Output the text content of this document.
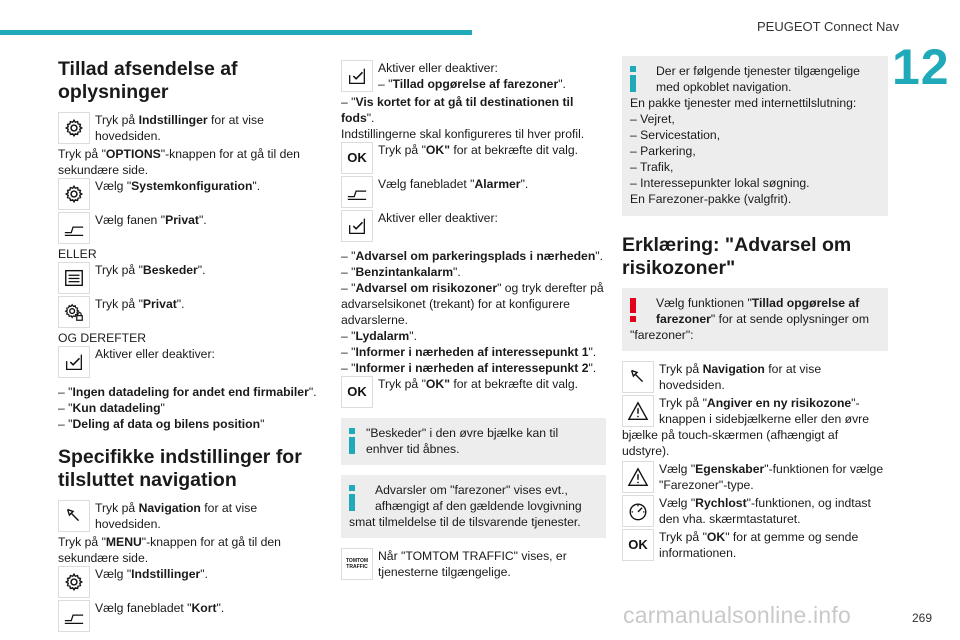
PEUGEOT Connect Nav
12
Tillad afsendelse af oplysninger
Tryk på Indstillinger for at vise hovedsiden.

Tryk på "OPTIONS"-knappen for at gå til den sekundære side.

Vælg "Systemkonfiguration".
Vælg fanen "Privat".

ELLER

Tryk på "Beskeder".
Tryk på "Privat".

OG DEREFTER

Aktiver eller deaktiver:

– "Ingen datadeling for andet end firmabiler".

– "Kun datadeling"

– "Deling af data og bilens position"

Specifikke indstillinger for tilsluttet navigation
Tryk på Navigation for at vise hovedsiden.

Tryk på "MENU"-knappen for at gå til den sekundære side.

Vælg "Indstillinger".
Vælg fanebladet "Kort".
Aktiver eller deaktiver:
– "Tillad opgørelse af farezoner".

– "Vis kortet for at gå til destinationen til fods".

Indstillingerne skal konfigureres til hver profil.

OK Tryk på "OK" for at bekræfte dit valg.
Vælg fanebladet "Alarmer".
Aktiver eller deaktiver:

– "Advarsel om parkeringsplads i nærheden".

– "Benzintankalarm".

– "Advarsel om risikozoner" og tryk derefter på advarselsikonet (trekant) for at konfigurere advarslerne.

– "Lydalarm".

– "Informer i nærheden af interessepunkt 1".

– "Informer i nærheden af interessepunkt 2".

OK Tryk på "OK" for at bekræfte dit valg.
"Beskeder" i den øvre bjælke kan til enhver tid åbnes.
Advarsler om "farezoner" vises evt., afhængigt af den gældende lovgivning
smat tilmeldelse til de tilsvarende tjenester.
TOMTOM
TRAFFIC
Når "TOMTOM TRAFFIC" vises, er tjenesterne tilgængelige.
Der er følgende tjenester tilgængelige med opkoblet navigation.
En pakke tjenester med internettilslutning:
– Vejret,
– Servicestation,
– Parkering,
– Trafik,
– Interessepunkter lokal søgning.
En Farezoner-pakke (valgfrit).
Erklæring: "Advarsel om risikozoner"
Vælg funktionen "Tillad opgørelse af farezoner" for at sende oplysninger om
"farezoner":
Tryk på Navigation for at vise hovedsiden.
Tryk på "Angiver en ny risikozone"- knappen i sidebjælkerne eller den øvre

bjælke på touch-skærmen (afhængigt af udstyre).

Vælg "Egenskaber"-funktionen for vælge "Farezoner"-type.
Vælg "Rychlost"-funktionen, og indtast den vha. skærmtastaturet.
OK Tryk på "OK" for at gemme og sende informationen.
carmanualsonline.info	269
